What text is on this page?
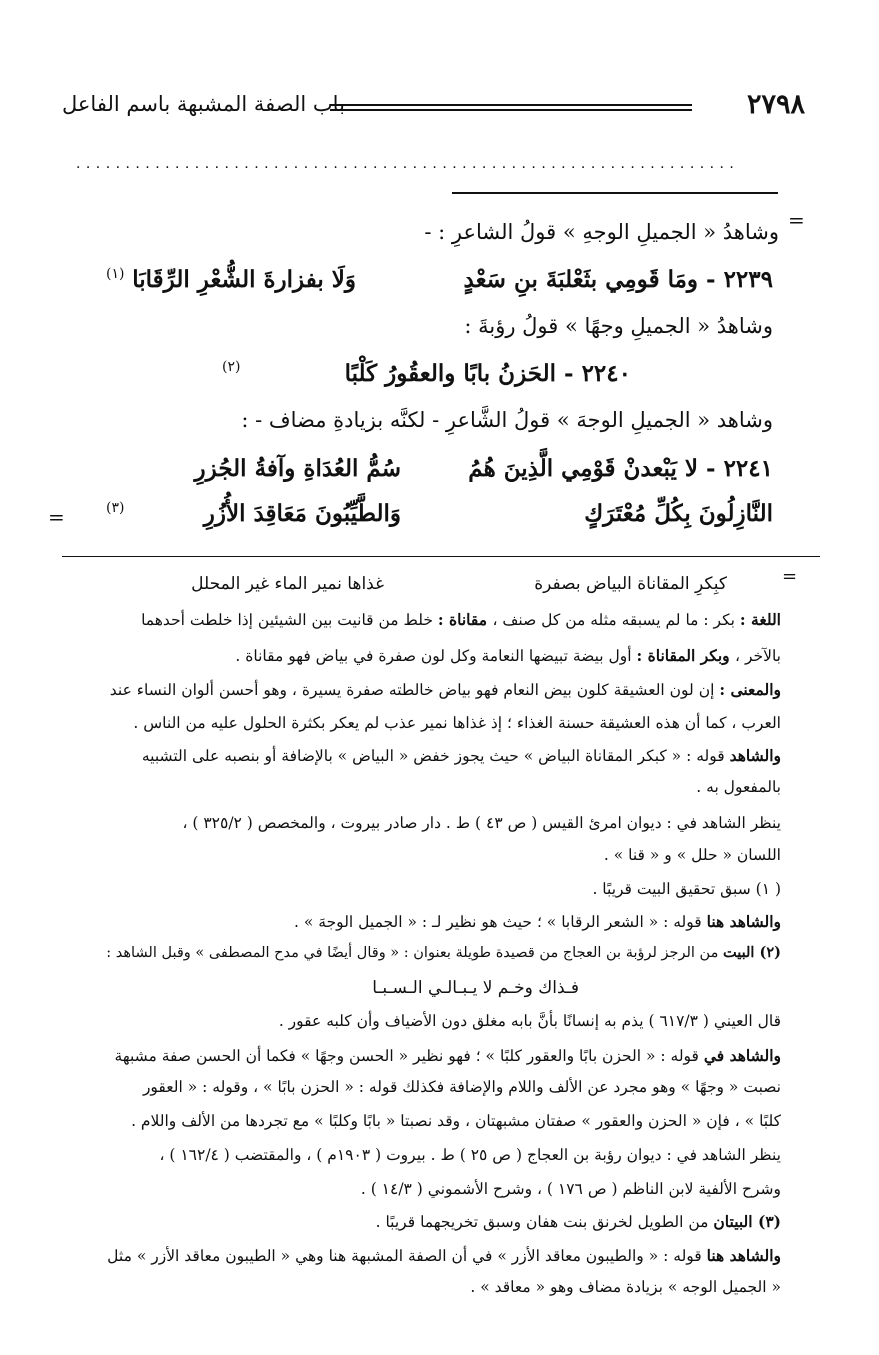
٢٧٩٨
باب الصفة المشبهة باسم الفاعل
· · · · · · · · · · · · · · · · · · · · · · · · · · · · · · · · · · · · · · · · · · · · · · · · · · · · · · · · · · · · · · · · · · ·
=
وشاهدُ « الجميلِ الوجهِ » قولُ الشاعرِ : -
٢٢٣٩ - ومَا قَومِي بثَعْلبَةَ بنِ سَعْدٍ
وَلَا بفزارةَ الشُّعْرِ الرِّقَابَا
(١)
وشاهدُ « الجميلِ وجهًا » قولُ رؤبةَ :
٢٢٤٠ - الحَزنُ بابًا والعقُورُ كَلْبًا
(٢)
وشاهد « الجميلِ الوجهَ » قولُ الشَّاعرِ - لكنَّه بزيادةِ مضاف - :
٢٢٤١ - لا يَبْعدنْ قَوْمِي الَّذِينَ هُمُ
سُمُّ العُدَاةِ وآفةُ الجُزرِ
النَّازِلُونَ بِكُلِّ مُعْتَرَكٍ
وَالطَّيِّبُونَ مَعَاقِدَ الأُزُرِ
(٣)
=
=
كبِكرِ المقاناة البياض بصفرة
غذاها نمير الماء غير المحلل
اللغة : بكر : ما لم يسبقه مثله من كل صنف ، مقاناة : خلط من قانيت بين الشيئين إذا خلطت أحدهما
بالآخر ، وبكر المقاناة : أول بيضة تبيضها النعامة وكل لون صفرة في بياض فهو مقاناة .
والمعنى : إن لون العشيقة كلون بيض النعام فهو بياض خالطته صفرة يسيرة ، وهو أحسن ألوان النساء عند
العرب ، كما أن هذه العشيقة حسنة الغذاء ؛ إذ غذاها نمير عذب لم يعكر بكثرة الحلول عليه من الناس .
والشاهد قوله : « كبكر المقاناة البياض » حيث يجوز خفض « البياض » بالإضافة أو بنصبه على التشبيه
بالمفعول به .
ينظر الشاهد في : ديوان امرئ القيس ( ص ٤٣ ) ط . دار صادر بيروت ، والمخصص ( ٣٢٥/٢ ) ،
اللسان « حلل » و « قنا » .
( ١) سبق تحقيق البيت قريبًا .
والشاهد هنا قوله : « الشعر الرقابا » ؛ حيث هو نظير لـ : « الجميل الوجهَ » .
(٢) البيت من الرجز لرؤبة بن العجاج من قصيدة طويلة بعنوان : « وقال أيضًا في مدح المصطفى » وقبل الشاهد :
فـذاك وخـم لا يـبـالـي الـسـبـا
قال العيني ( ٦١٧/٣ ) يذم به إنسانًا بأنَّ بابه مغلق دون الأضياف وأن كلبه عقور .
والشاهد في قوله : « الحزن بابًا والعقور كلبًا » ؛ فهو نظير « الحسن وجهًا » فكما أن الحسن صفة مشبهة
نصبت « وجهًا » وهو مجرد عن الألف واللام والإضافة فكذلك قوله : « الحزن بابًا » ، وقوله : « العقور
كلبًا » ، فإن « الحزن والعقور » صفتان مشبهتان ، وقد نصبتا « بابًا وكلبًا » مع تجردها من الألف واللام .
ينظر الشاهد في : ديوان رؤبة بن العجاج ( ص ٢٥ ) ط . بيروت ( ١٩٠٣م ) ، والمقتضب ( ١٦٢/٤ ) ،
وشرح الألفية لابن الناظم ( ص ١٧٦ ) ، وشرح الأشموني ( ١٤/٣ ) .
(٣) البيتان من الطويل لخرنق بنت هفان وسبق تخريجهما قريبًا .
والشاهد هنا قوله : « والطيبون معاقد الأزر » في أن الصفة المشبهة هنا وهي « الطيبون معاقد الأزر » مثل
« الجميل الوجه » بزيادة مضاف وهو « معاقد » .
